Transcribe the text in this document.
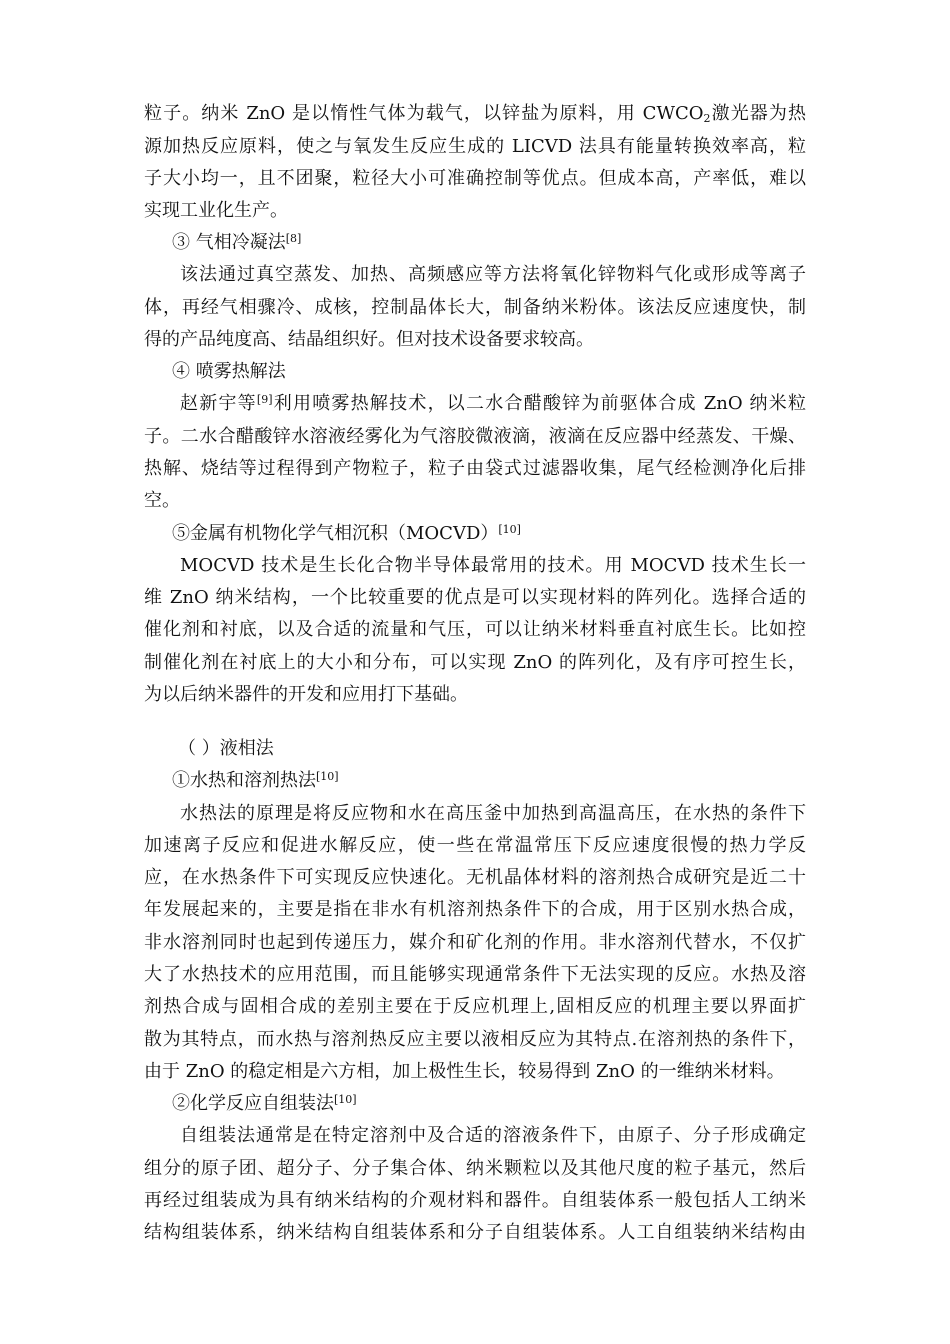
粒子。纳米 ZnO 是以惰性气体为载气，以锌盐为原料，用 $CWCO_2$激光器为热
源加热反应原料，使之与氧发生反应生成的 LICVD 法具有能量转换效率高，粒
子大小均一，且不团聚，粒径大小可准确控制等优点。但成本高，产率低，难以
实现工业化生产。
③ 气相冷凝法[8]
该法通过真空蒸发、加热、高频感应等方法将氧化锌物料气化或形成等离子
体，再经气相骤冷、成核，控制晶体长大，制备纳米粉体。该法反应速度快，制
得的产品纯度高、结晶组织好。但对技术设备要求较高。
④ 喷雾热解法
赵新宇等[9]利用喷雾热解技术，以二水合醋酸锌为前驱体合成 ZnO 纳米粒
子。二水合醋酸锌水溶液经雾化为气溶胶微液滴，液滴在反应器中经蒸发、干燥、
热解、烧结等过程得到产物粒子，粒子由袋式过滤器收集，尾气经检测净化后排
空。
⑤金属有机物化学气相沉积（MOCVD）[10]
MOCVD 技术是生长化合物半导体最常用的技术。用 MOCVD 技术生长一
维 ZnO 纳米结构，一个比较重要的优点是可以实现材料的阵列化。选择合适的
催化剂和衬底，以及合适的流量和气压，可以让纳米材料垂直衬底生长。比如控
制催化剂在衬底上的大小和分布，可以实现 ZnO 的阵列化，及有序可控生长，
为以后纳米器件的开发和应用打下基础。
（ ）液相法
①水热和溶剂热法[10]
水热法的原理是将反应物和水在高压釜中加热到高温高压，在水热的条件下
加速离子反应和促进水解反应，使一些在常温常压下反应速度很慢的热力学反
应，在水热条件下可实现反应快速化。无机晶体材料的溶剂热合成研究是近二十
年发展起来的，主要是指在非水有机溶剂热条件下的合成，用于区别水热合成，
非水溶剂同时也起到传递压力，媒介和矿化剂的作用。非水溶剂代替水，不仅扩
大了水热技术的应用范围，而且能够实现通常条件下无法实现的反应。水热及溶
剂热合成与固相合成的差别主要在于反应机理上,固相反应的机理主要以界面扩
散为其特点，而水热与溶剂热反应主要以液相反应为其特点.在溶剂热的条件下，
由于 ZnO 的稳定相是六方相，加上极性生长，较易得到 ZnO 的一维纳米材料。
②化学反应自组装法[10]
自组装法通常是在特定溶剂中及合适的溶液条件下，由原子、分子形成确定
组分的原子团、超分子、分子集合体、纳米颗粒以及其他尺度的粒子基元，然后
再经过组装成为具有纳米结构的介观材料和器件。自组装体系一般包括人工纳米
结构组装体系，纳米结构自组装体系和分子自组装体系。人工自组装纳米结构由
